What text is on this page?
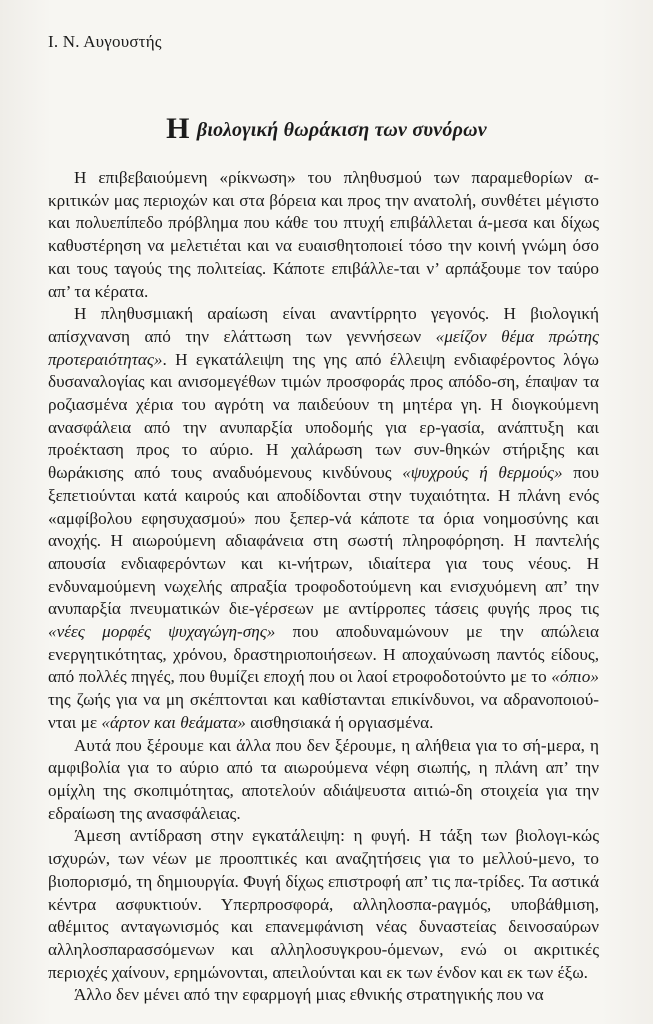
Ι. Ν. Αυγουστής
Η βιολογική θωράκιση των συνόρων

Η επιβεβαιούμενη «ρίκνωση» του πληθυσμού των παραμεθορίων α-κριτικών μας περιοχών και στα βόρεια και προς την ανατολή, συνθέτει μέγιστο και πολυεπίπεδο πρόβλημα που κάθε του πτυχή επιβάλλεται ά-μεσα και δίχως καθυστέρηση να μελετιέται και να ευαισθητοποιεί τόσο την κοινή γνώμη όσο και τους ταγούς της πολιτείας. Κάποτε επιβάλλε-ται ν’ αρπάξουμε τον ταύρο απ’ τα κέρατα.

Η πληθυσμιακή αραίωση είναι αναντίρρητο γεγονός. Η βιολογική απίσχνανση από την ελάττωση των γεννήσεων «μείζον θέμα πρώτης προτεραιότητας». Η εγκατάλειψη της γης από έλλειψη ενδιαφέροντος λόγω δυσαναλογίας και ανισομεγέθων τιμών προσφοράς προς απόδο-ση, έπαψαν τα ροζιασμένα χέρια του αγρότη να παιδεύουν τη μητέρα γη. Η διογκούμενη ανασφάλεια από την ανυπαρξία υποδομής για ερ-γασία, ανάπτυξη και προέκταση προς το αύριο. Η χαλάρωση των συν-θηκών στήριξης και θωράκισης από τους αναδυόμενους κινδύνους «ψυχρούς ή θερμούς» που ξεπετιούνται κατά καιρούς και αποδίδονται στην τυχαιότητα. Η πλάνη ενός «αμφίβολου εφησυχασμού» που ξεπερ-νά κάποτε τα όρια νοημοσύνης και ανοχής. Η αιωρούμενη αδιαφάνεια στη σωστή πληροφόρηση. Η παντελής απουσία ενδιαφερόντων και κι-νήτρων, ιδιαίτερα για τους νέους. Η ενδυναμούμενη νωχελής απραξία τροφοδοτούμενη και ενισχυόμενη απ’ την ανυπαρξία πνευματικών διε-γέρσεων με αντίρροπες τάσεις φυγής προς τις «νέες μορφές ψυχαγώγη-σης» που αποδυναμώνουν με την απώλεια ενεργητικότητας, χρόνου, δραστηριοποιήσεων. Η αποχαύνωση παντός είδους, από πολλές πηγές, που θυμίζει εποχή που οι λαοί ετροφοδοτούντο με το «όπιο» της ζωής για να μη σκέπτονται και καθίστανται επικίνδυνοι, να αδρανοποιού-νται με «άρτον και θεάματα» αισθησιακά ή οργιασμένα.

Αυτά που ξέρουμε και άλλα που δεν ξέρουμε, η αλήθεια για το σή-μερα, η αμφιβολία για το αύριο από τα αιωρούμενα νέφη σιωπής, η πλάνη απ’ την ομίχλη της σκοπιμότητας, αποτελούν αδιάψευστα αιτιώ-δη στοιχεία για την εδραίωση της ανασφάλειας.

Άμεση αντίδραση στην εγκατάλειψη: η φυγή. Η τάξη των βιολογι-κώς ισχυρών, των νέων με προοπτικές και αναζητήσεις για το μελλού-μενο, το βιοπορισμό, τη δημιουργία. Φυγή δίχως επιστροφή απ’ τις πα-τρίδες. Τα αστικά κέντρα ασφυκτιούν. Υπερπροσφορά, αλληλοσπα-ραγμός, υποβάθμιση, αθέμιτος ανταγωνισμός και επανεμφάνιση νέας δυναστείας δεινοσαύρων αλληλοσπαρασσόμενων και αλληλοσυγκρου-όμενων, ενώ οι ακριτικές περιοχές χαίνουν, ερημώνονται, απειλούνται και εκ των ένδον και εκ των έξω.

Άλλο δεν μένει από την εφαρμογή μιας εθνικής στρατηγικής που να
